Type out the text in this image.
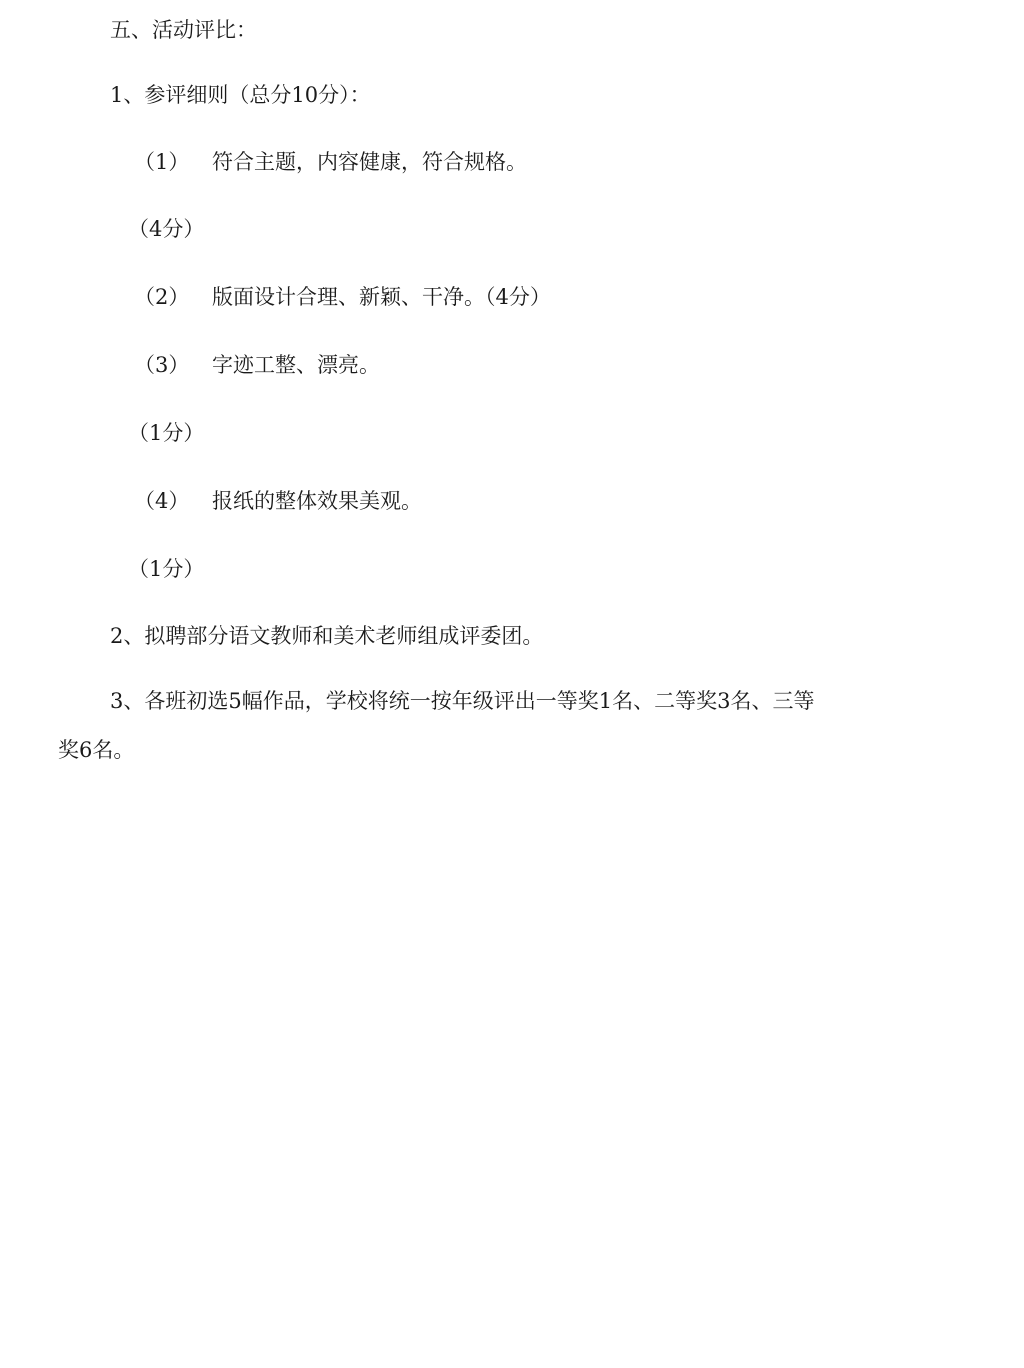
五、活动评比：
1、参评细则（总分10分）：
（1） 符合主题，内容健康，符合规格。
（4分）
（2） 版面设计合理、新颖、干净。（4分）
（3） 字迹工整、漂亮。
（1分）
（4） 报纸的整体效果美观。
（1分）
2、拟聘部分语文教师和美术老师组成评委团。
3、各班初选5幅作品，学校将统一按年级评出一等奖1名、二等奖3名、三等
奖6名。
